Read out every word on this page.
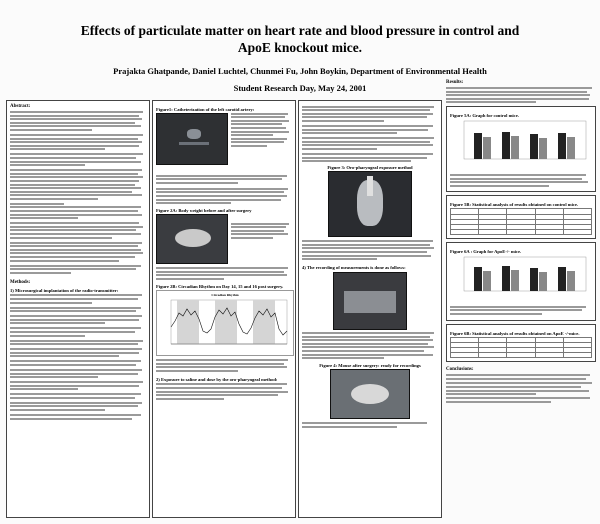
Effects of particulate matter on heart rate and blood pressure in control and
ApoE knockout mice.
Prajakta Ghatpande, Daniel Luchtel, Chunmei Fu, John Boykin, Department of Environmental Health
Student Research Day, May 24, 2001
Abstract:
Methods:
1) Microsurgical implantation of the radio-transmitter:
Figure1: Catheterization of the left carotid artery:
Figure 2A: Body weight before and after surgery
Figure 2B: Circadian Rhythm on Day 14, 15 and 16 post surgery.
Circadian Rhythm
2) Exposure to saline and dose by the oro-pharyngeal method:
Figure 3: Oro-pharyngeal exposure method
4) The recording of measurements is done as follows:
Figure 4: Mouse after surgery: ready for recordings
Results:
Figure 5A: Graph for control mice.
Figure 5B: Statistical analysis of results obtained on control mice.

Figure 6A : Graph for ApoE-/- mice.
Figure 6B: Statistical analysis of results obtained on ApoE -/-mice.

Conclusions:
